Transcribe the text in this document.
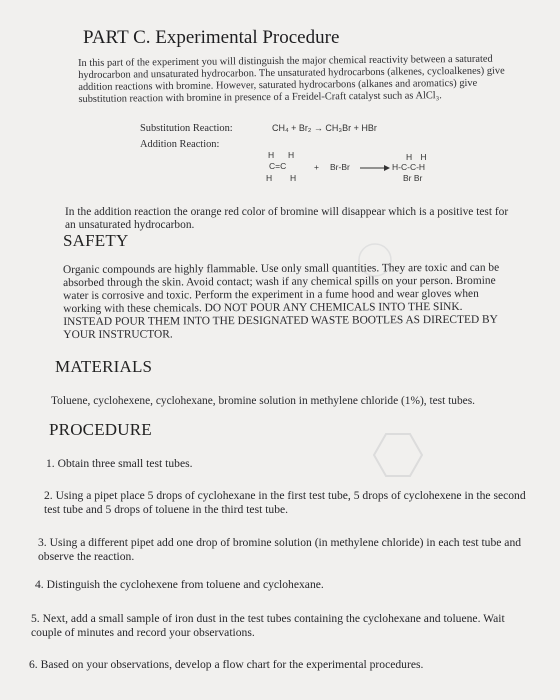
PART C. Experimental Procedure
In this part of the experiment you will distinguish the major chemical reactivity between a saturated hydrocarbon and unsaturated hydrocarbon. The unsaturated hydrocarbons (alkenes, cycloalkenes) give addition reactions with bromine. However, saturated hydrocarbons (alkanes and aromatics) give substitution reaction with bromine in presence of a Freidel-Craft catalyst such as AlCl₃.
Substitution Reaction:	CH₄ + Br₂ → CH₃Br + HBr
Addition Reaction:
H H
C=C
H H
+ Br-Br →
H H
H-C-C-H
Br Br
In the addition reaction the orange red color of bromine will disappear which is a positive test for an unsaturated hydrocarbon.
SAFETY
Organic compounds are highly flammable. Use only small quantities. They are toxic and can be absorbed through the skin. Avoid contact; wash if any chemical spills on your person. Bromine water is corrosive and toxic. Perform the experiment in a fume hood and wear gloves when working with these chemicals. DO NOT POUR ANY CHEMICALS INTO THE SINK. INSTEAD POUR THEM INTO THE DESIGNATED WASTE BOOTLES AS DIRECTED BY YOUR INSTRUCTOR.
MATERIALS
Toluene, cyclohexene, cyclohexane, bromine solution in methylene chloride (1%), test tubes.
PROCEDURE
1. Obtain three small test tubes.
2. Using a pipet place 5 drops of cyclohexane in the first test tube, 5 drops of cyclohexene in the second test tube and 5 drops of toluene in the third test tube.
3. Using a different pipet add one drop of bromine solution (in methylene chloride) in each test tube and observe the reaction.
4. Distinguish the cyclohexene from toluene and cyclohexane.
5. Next, add a small sample of iron dust in the test tubes containing the cyclohexane and toluene. Wait couple of minutes and record your observations.
6. Based on your observations, develop a flow chart for the experimental procedures.
